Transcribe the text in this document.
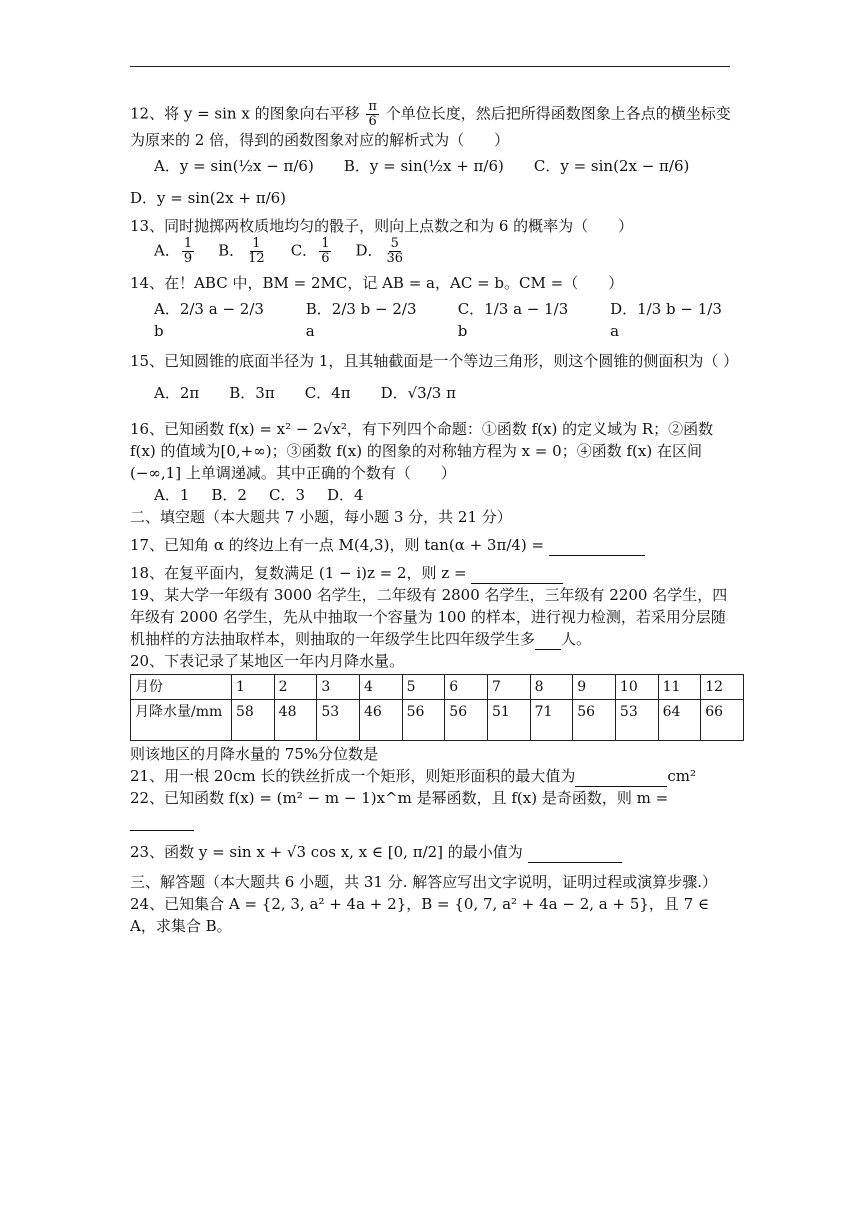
12、将 y = sin x 的图象向右平移 $\frac{\pi}{6}$ 个单位长度，然后把所得函数图象上各点的横坐标变为原来的 2 倍，得到的函数图象对应的解析式为（　　）

A．y = sin(½x − π/6) B．y = sin(½x + π/6) C．y = sin(2x − π/6)

D．y = sin(2x + π/6)

13、同时抛掷两枚质地均匀的骰子，则向上点数之和为 6 的概率为（　　）

A． $\frac{1}{9}$ B． $\frac{1}{12}$ C． $\frac{1}{6}$ D． $\frac{5}{36}$

14、在！ABC 中，BM = 2MC，记 AB = a，AC = b。CM =（　　）

A．2/3 a − 2/3 b
B．2/3 b − 2/3 a
C．1/3 a − 1/3 b
D．1/3 b − 1/3 a

15、已知圆锥的底面半径为 1，且其轴截面是一个等边三角形，则这个圆锥的侧面积为（ ）

A．2π B．3π C．4π D．√3/3 π

16、已知函数 f(x) = x² − 2√x²，有下列四个命题：①函数 f(x) 的定义域为 R；②函数 f(x) 的值域为[0,+∞)；③函数 f(x) 的图象的对称轴方程为 x = 0；④函数 f(x) 在区间(−∞,1] 上单调递减。其中正确的个数有（　　）

A．1 B．2 C．3 D．4

二、填空题（本大题共 7 小题，每小题 3 分，共 21 分）

17、已知角 α 的终边上有一点 M(4,3)，则 tan(α + 3π/4) =

18、在复平面内，复数满足 (1 − i)z = 2，则 z =

19、某大学一年级有 3000 名学生，二年级有 2800 名学生，三年级有 2200 名学生，四年级有 2000 名学生，先从中抽取一个容量为 100 的样本，进行视力检测，若采用分层随机抽样的方法抽取样本，则抽取的一年级学生比四年级学生多 人。

20、下表记录了某地区一年内月降水量。

月份	1	2	3	4	5	6	7	8	9	10	11	12
月降水量/mm	58	48	53	46	56	56	51	71	56	53	64	66

则该地区的月降水量的 75%分位数是

21、用一根 20cm 长的铁丝折成一个矩形，则矩形面积的最大值为	cm²

22、已知函数 f(x) = (m² − m − 1)x^m 是幂函数，且 f(x) 是奇函数，则 m =

23、函数 y = sin x + √3 cos x, x ∈ [0, π/2] 的最小值为

三、解答题（本大题共 6 小题，共 31 分. 解答应写出文字说明，证明过程或演算步骤.）

24、已知集合 A = {2, 3, a² + 4a + 2}，B = {0, 7, a² + 4a − 2, a + 5}，且 7 ∈ A，求集合 B。
